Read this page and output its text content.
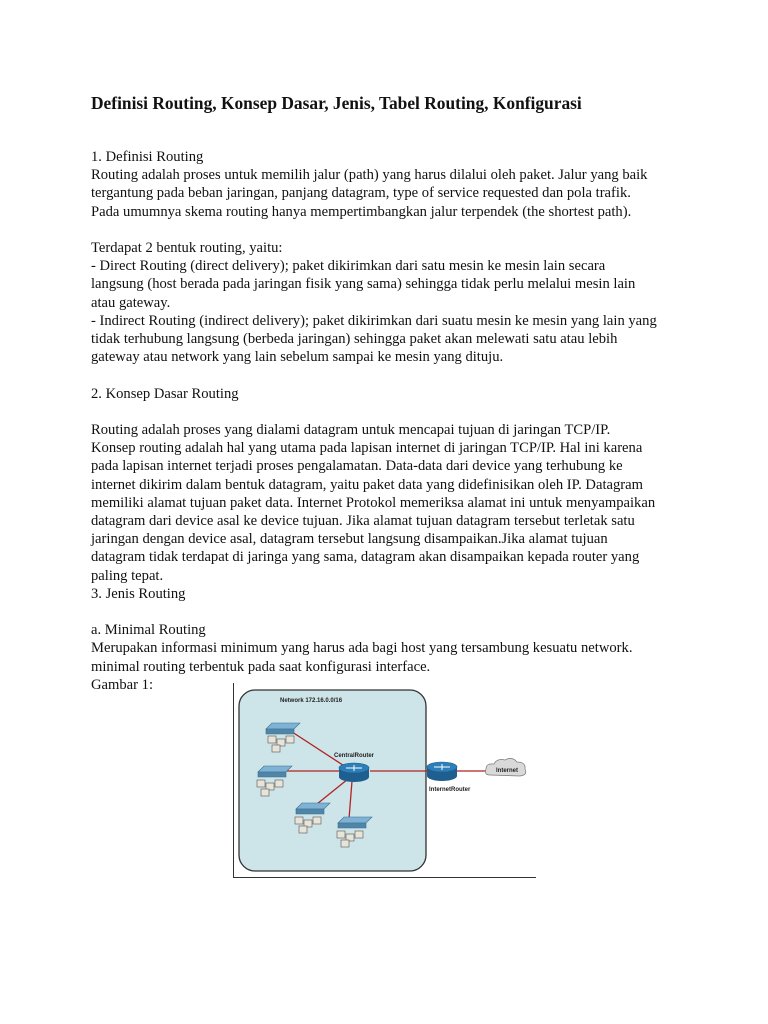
Definisi Routing, Konsep Dasar, Jenis, Tabel Routing, Konfigurasi

1. Definisi Routing

Routing adalah proses untuk memilih jalur (path) yang harus dilalui oleh paket. Jalur yang baik

tergantung pada beban jaringan, panjang datagram, type of service requested dan pola trafik.

Pada umumnya skema routing hanya mempertimbangkan jalur terpendek (the shortest path).

Terdapat 2 bentuk routing, yaitu:

- Direct Routing (direct delivery); paket dikirimkan dari satu mesin ke mesin lain secara

langsung (host berada pada jaringan fisik yang sama) sehingga tidak perlu melalui mesin lain

atau gateway.

- Indirect Routing (indirect delivery); paket dikirimkan dari suatu mesin ke mesin yang lain yang

tidak terhubung langsung (berbeda jaringan) sehingga paket akan melewati satu atau lebih

gateway atau network yang lain sebelum sampai ke mesin yang dituju.

2. Konsep Dasar Routing

Routing adalah proses yang dialami datagram untuk mencapai tujuan di jaringan TCP/IP.

Konsep routing adalah hal yang utama pada lapisan internet di jaringan TCP/IP. Hal ini karena

pada lapisan internet terjadi proses pengalamatan. Data-data dari device yang terhubung ke

internet dikirim dalam bentuk datagram, yaitu paket data yang didefinisikan oleh IP. Datagram

memiliki alamat tujuan paket data. Internet Protokol memeriksa alamat ini untuk menyampaikan

datagram dari device asal ke device tujuan. Jika alamat tujuan datagram tersebut terletak satu

jaringan dengan device asal, datagram tersebut langsung disampaikan.Jika alamat tujuan

datagram tidak terdapat di jaringa yang sama, datagram akan disampaikan kepada router yang

paling tepat.

3. Jenis Routing

a. Minimal Routing

Merupakan informasi minimum yang harus ada bagi host yang tersambung kesuatu network.

minimal routing terbentuk pada saat konfigurasi interface.

Gambar 1:

Network 172.16.0.0/16
CentralRouter
InternetRouter
Internet
